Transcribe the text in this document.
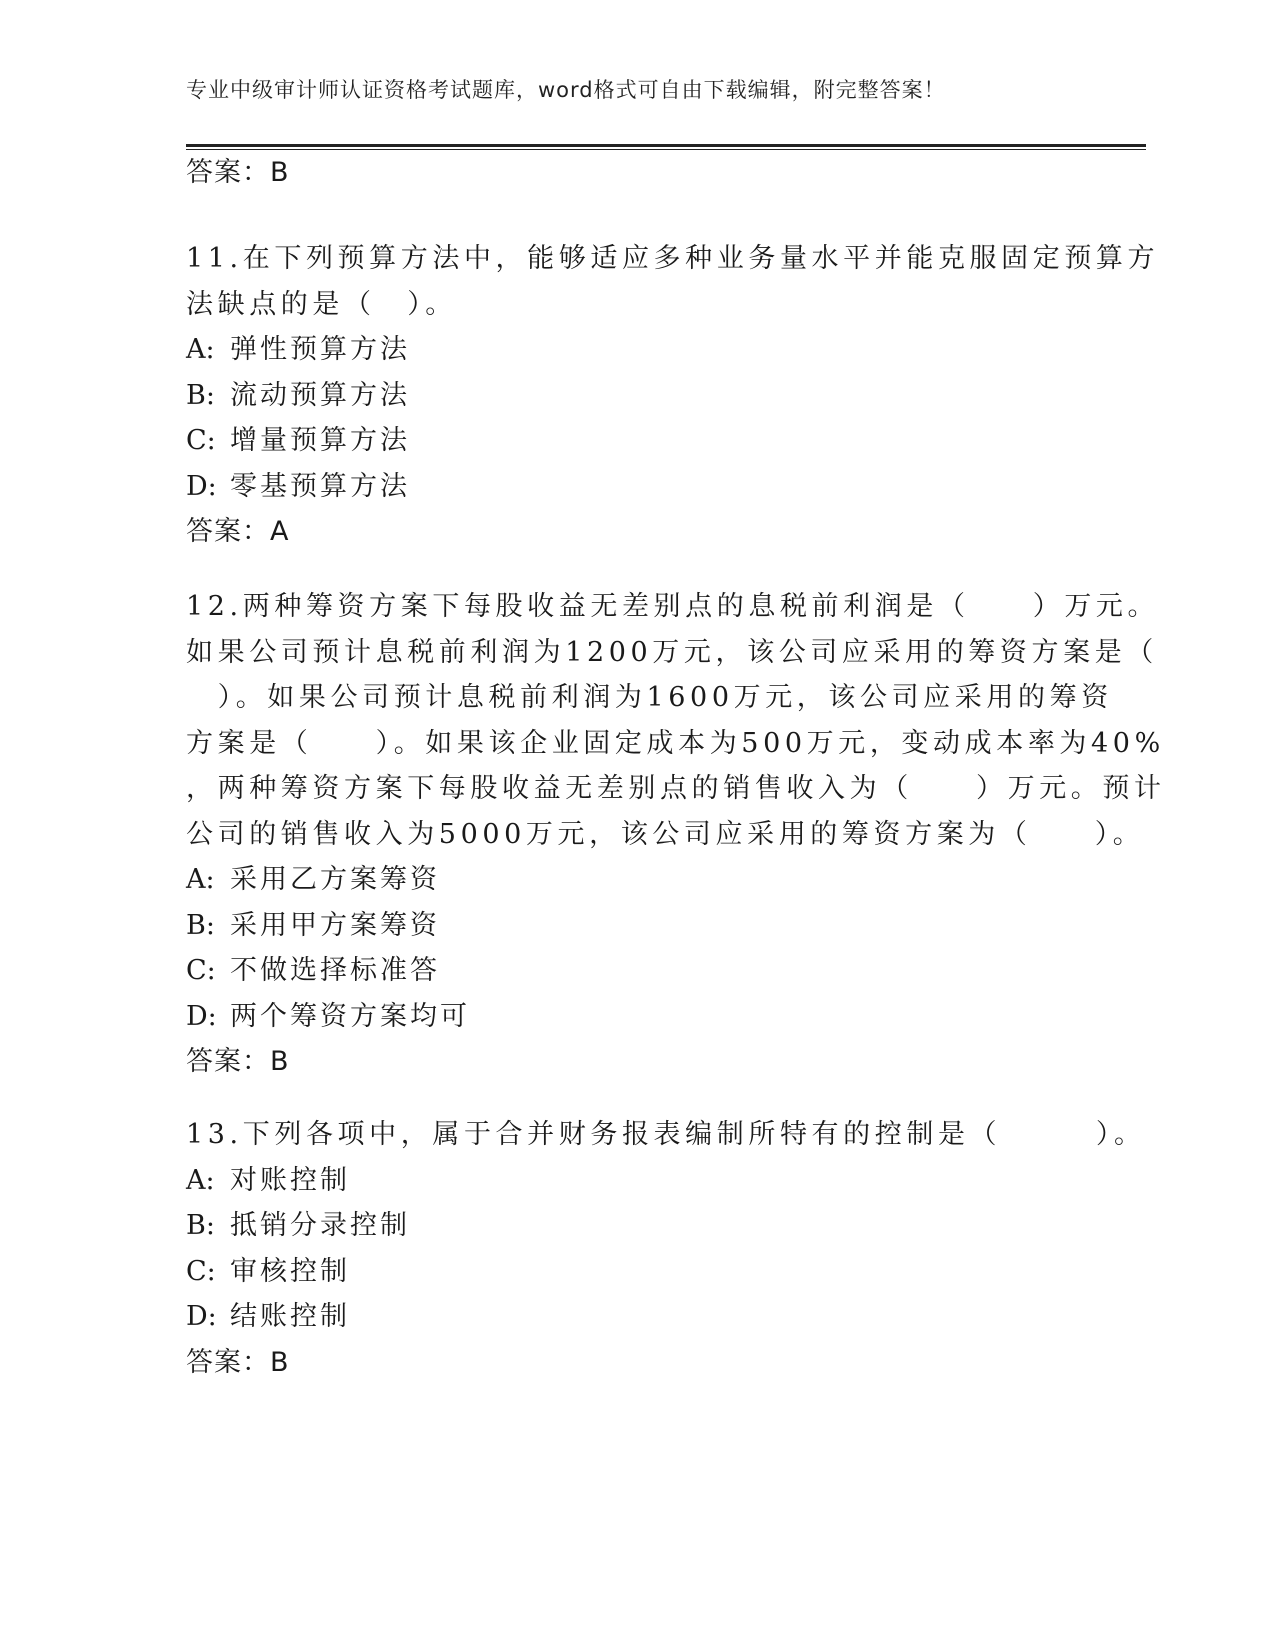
专业中级审计师认证资格考试题库，word格式可自由下载编辑，附完整答案！
答案：B
11.在下列预算方法中，能够适应多种业务量水平并能克服固定预算方
法缺点的是（　）。
A: 弹性预算方法
B: 流动预算方法
C: 增量预算方法
D: 零基预算方法
答案：A
12.两种筹资方案下每股收益无差别点的息税前利润是（　　）万元。
如果公司预计息税前利润为1200万元，该公司应采用的筹资方案是（
　）。如果公司预计息税前利润为1600万元，该公司应采用的筹资
方案是（　　）。如果该企业固定成本为500万元，变动成本率为40%
，两种筹资方案下每股收益无差别点的销售收入为（　　）万元。预计
公司的销售收入为5000万元，该公司应采用的筹资方案为（　　）。
A: 采用乙方案筹资
B: 采用甲方案筹资
C: 不做选择标准答
D: 两个筹资方案均可
答案：B
13.下列各项中，属于合并财务报表编制所特有的控制是（　　　）。
A: 对账控制
B: 抵销分录控制
C: 审核控制
D: 结账控制
答案：B
